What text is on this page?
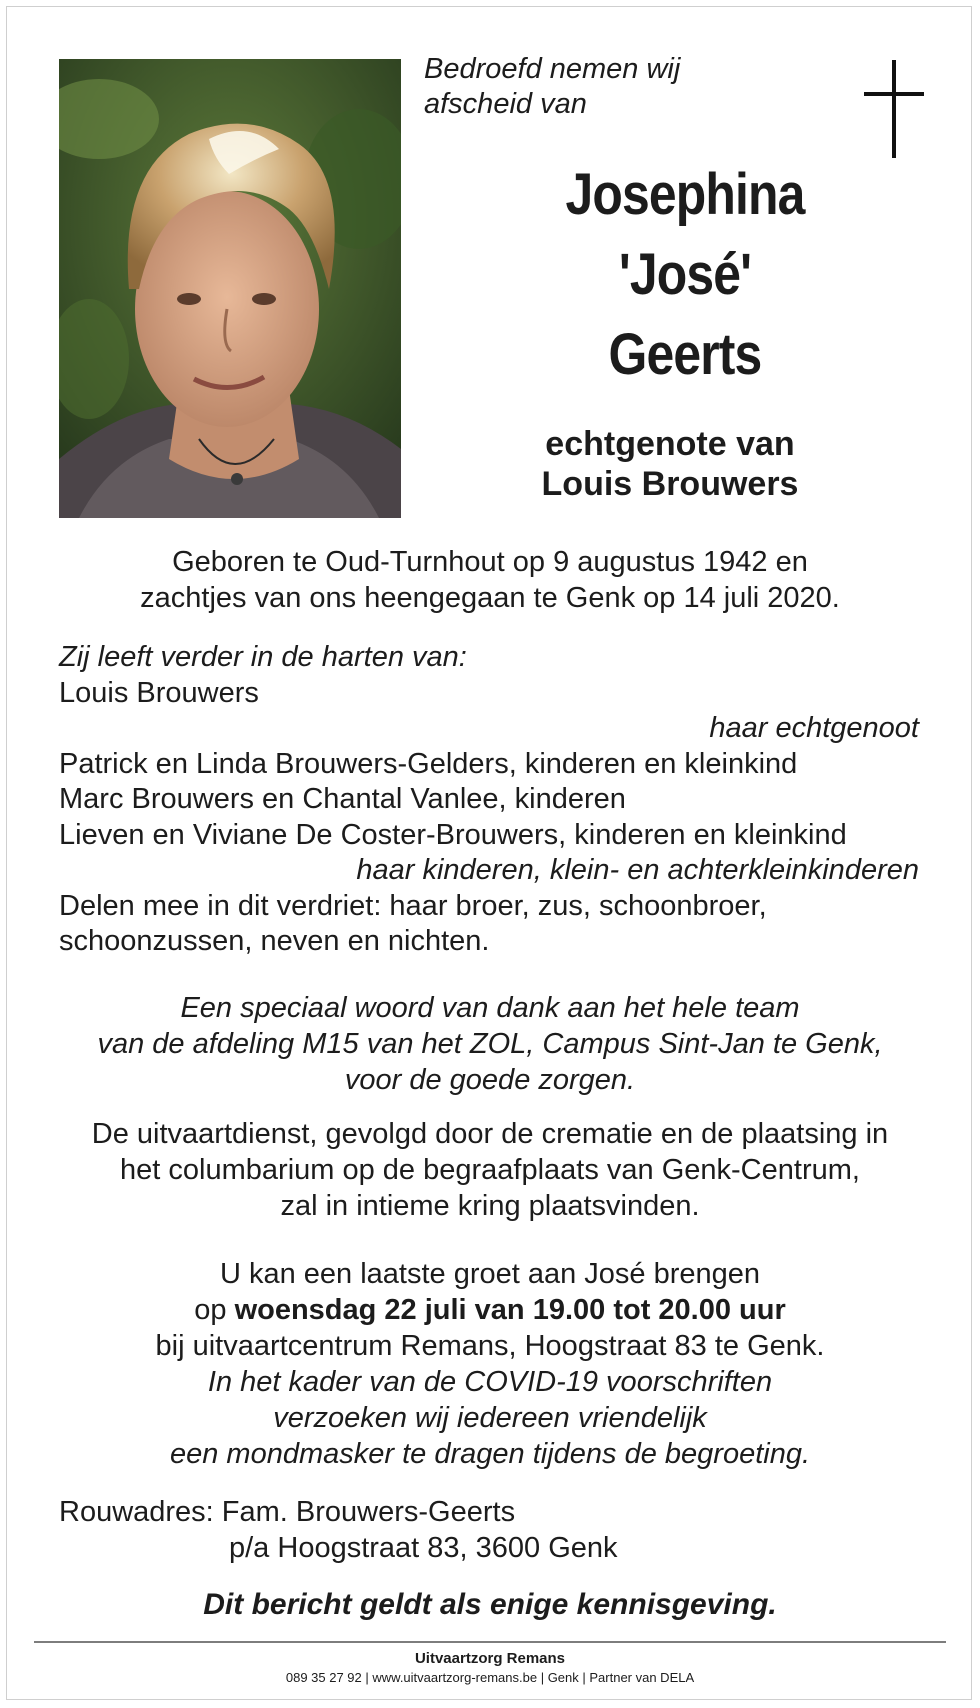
Bedroefd nemen wij
afscheid van
Josephina
'José'
Geerts
echtgenote van
Louis Brouwers
Geboren te Oud-Turnhout op 9 augustus 1942 en
zachtjes van ons heengegaan te Genk op 14 juli 2020.
Zij leeft verder in de harten van:
Louis Brouwers
haar echtgenoot
Patrick en Linda Brouwers-Gelders, kinderen en kleinkind
Marc Brouwers en Chantal Vanlee, kinderen
Lieven en Viviane De Coster-Brouwers, kinderen en kleinkind
haar kinderen, klein- en achterkleinkinderen
Delen mee in dit verdriet: haar broer, zus, schoonbroer,
schoonzussen, neven en nichten.
Een speciaal woord van dank aan het hele team
van de afdeling M15 van het ZOL, Campus Sint-Jan te Genk,
voor de goede zorgen.
De uitvaartdienst, gevolgd door de crematie en de plaatsing in
het columbarium op de begraafplaats van Genk-Centrum,
zal in intieme kring plaatsvinden.
U kan een laatste groet aan José brengen
op woensdag 22 juli van 19.00 tot 20.00 uur
bij uitvaartcentrum Remans, Hoogstraat 83 te Genk.
In het kader van de COVID-19 voorschriften
verzoeken wij iedereen vriendelijk
een mondmasker te dragen tijdens de begroeting.
Rouwadres: Fam. Brouwers-Geerts
p/a Hoogstraat 83, 3600 Genk
Dit bericht geldt als enige kennisgeving.
Uitvaartzorg Remans
089 35 27 92 | www.uitvaartzorg-remans.be | Genk | Partner van DELA
